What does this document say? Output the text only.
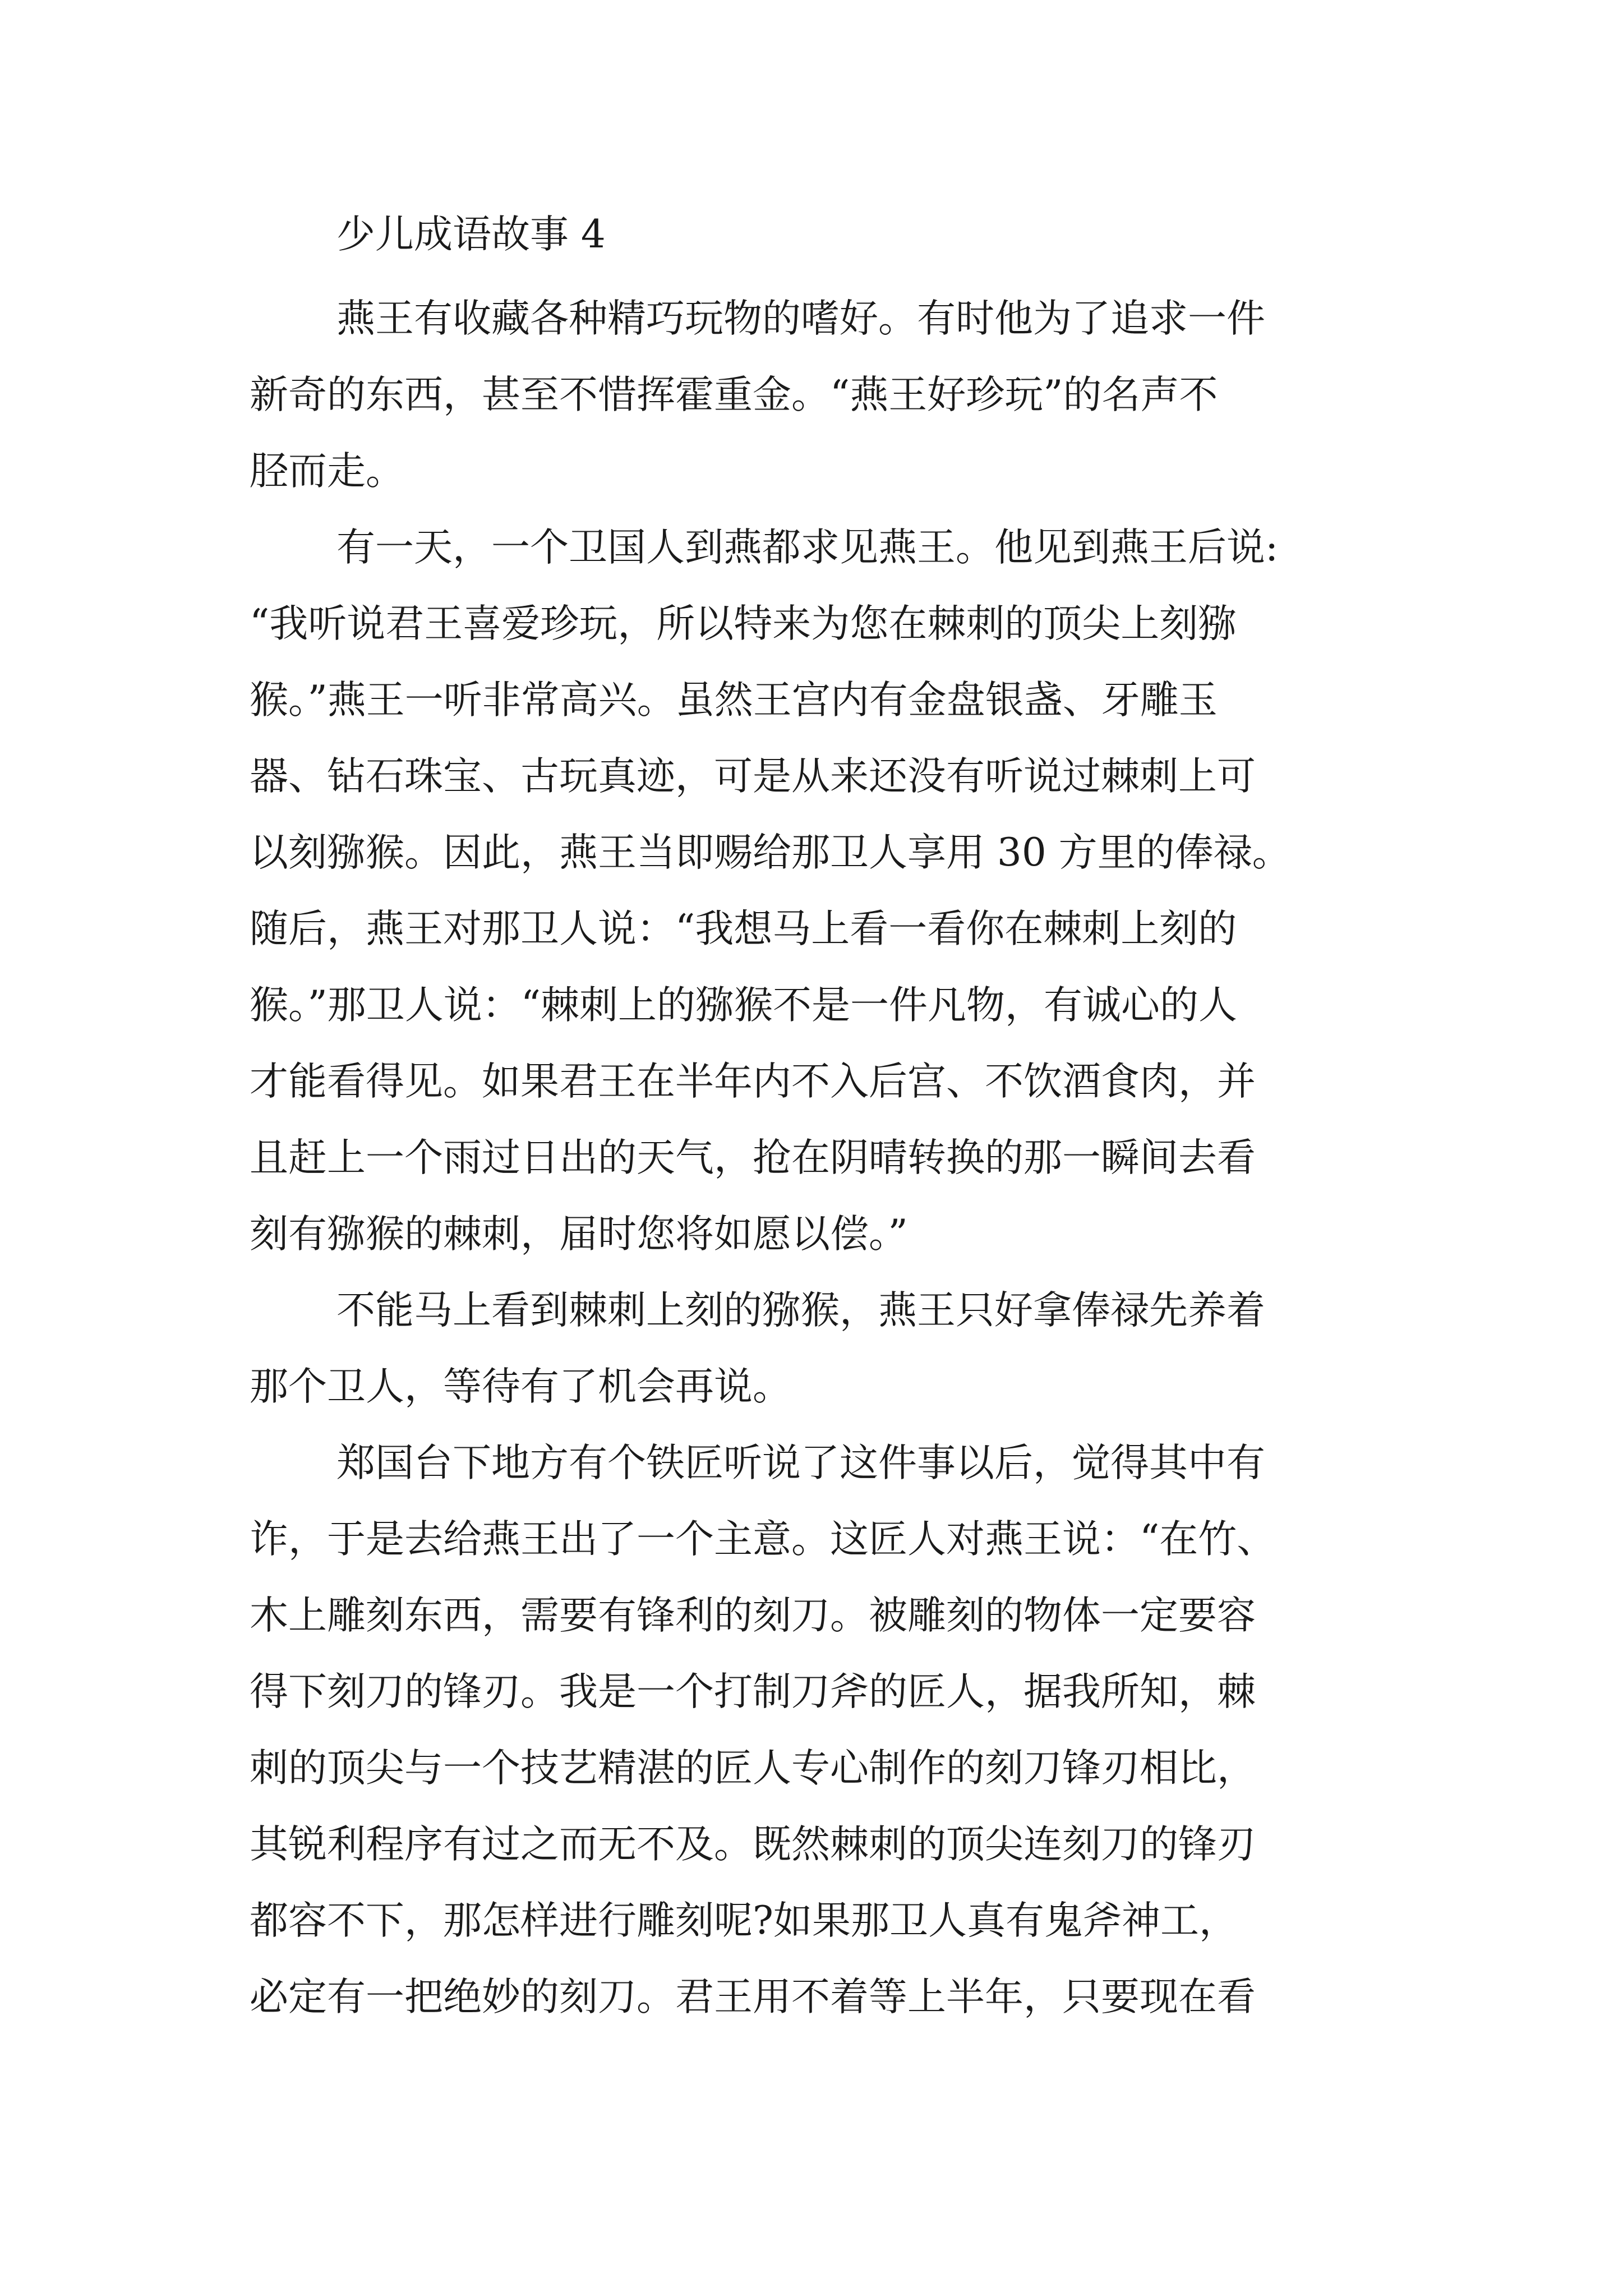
少儿成语故事 4
燕王有收藏各种精巧玩物的嗜好。有时他为了追求一件
新奇的东西，甚至不惜挥霍重金。“燕王好珍玩”的名声不
胫而走。
有一天，一个卫国人到燕都求见燕王。他见到燕王后说:
“我听说君王喜爱珍玩，所以特来为您在棘刺的顶尖上刻猕
猴。”燕王一听非常高兴。虽然王宫内有金盘银盏、牙雕玉
器、钻石珠宝、古玩真迹，可是从来还没有听说过棘刺上可
以刻猕猴。因此，燕王当即赐给那卫人享用 30 方里的俸禄。
随后，燕王对那卫人说：“我想马上看一看你在棘刺上刻的
猴。”那卫人说：“棘刺上的猕猴不是一件凡物，有诚心的人
才能看得见。如果君王在半年内不入后宫、不饮酒食肉，并
且赶上一个雨过日出的天气，抢在阴晴转换的那一瞬间去看
刻有猕猴的棘刺，届时您将如愿以偿。”
不能马上看到棘刺上刻的猕猴，燕王只好拿俸禄先养着
那个卫人，等待有了机会再说。
郑国台下地方有个铁匠听说了这件事以后，觉得其中有
诈，于是去给燕王出了一个主意。这匠人对燕王说：“在竹、
木上雕刻东西，需要有锋利的刻刀。被雕刻的物体一定要容
得下刻刀的锋刃。我是一个打制刀斧的匠人，据我所知，棘
刺的顶尖与一个技艺精湛的匠人专心制作的刻刀锋刃相比，
其锐利程序有过之而无不及。既然棘刺的顶尖连刻刀的锋刃
都容不下，那怎样进行雕刻呢?如果那卫人真有鬼斧神工，
必定有一把绝妙的刻刀。君王用不着等上半年，只要现在看
